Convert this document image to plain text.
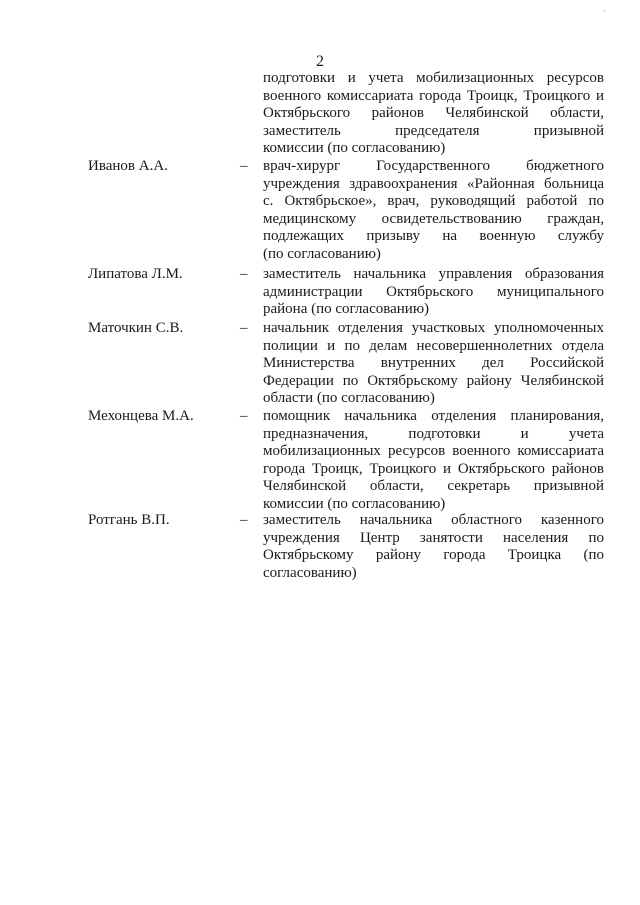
·
2

подготовки и учета мобилизационных ресурсов
военного комиссариата города Троицк, Троицкого и
Октябрьского районов Челябинской области,
заместитель председателя призывной
комиссии (по согласованию)

Иванов А.А.	– врач-хирург Государственного бюджетного
учреждения здравоохранения «Районная больница
с. Октябрьское», врач, руководящий работой по
медицинскому освидетельствованию граждан,
подлежащих призыву на военную службу
(по согласованию)

Липатова Л.М.	– заместитель начальника управления образования
администрации Октябрьского муниципального
района (по согласованию)

Маточкин С.В.	– начальник отделения участковых уполномоченных
полиции и по делам несовершеннолетних отдела
Министерства внутренних дел Российской
Федерации по Октябрьскому району Челябинской
области (по согласованию)

Мехонцева М.А.	– помощник начальника отделения планирования,
предназначения, подготовки и учета
мобилизационных ресурсов военного комиссариата
города Троицк, Троицкого и Октябрьского районов
Челябинской области, секретарь призывной
комиссии (по согласованию)

Ротгань В.П.	– заместитель начальника областного казенного
учреждения Центр занятости населения по
Октябрьскому району города Троицка (по
согласованию)
